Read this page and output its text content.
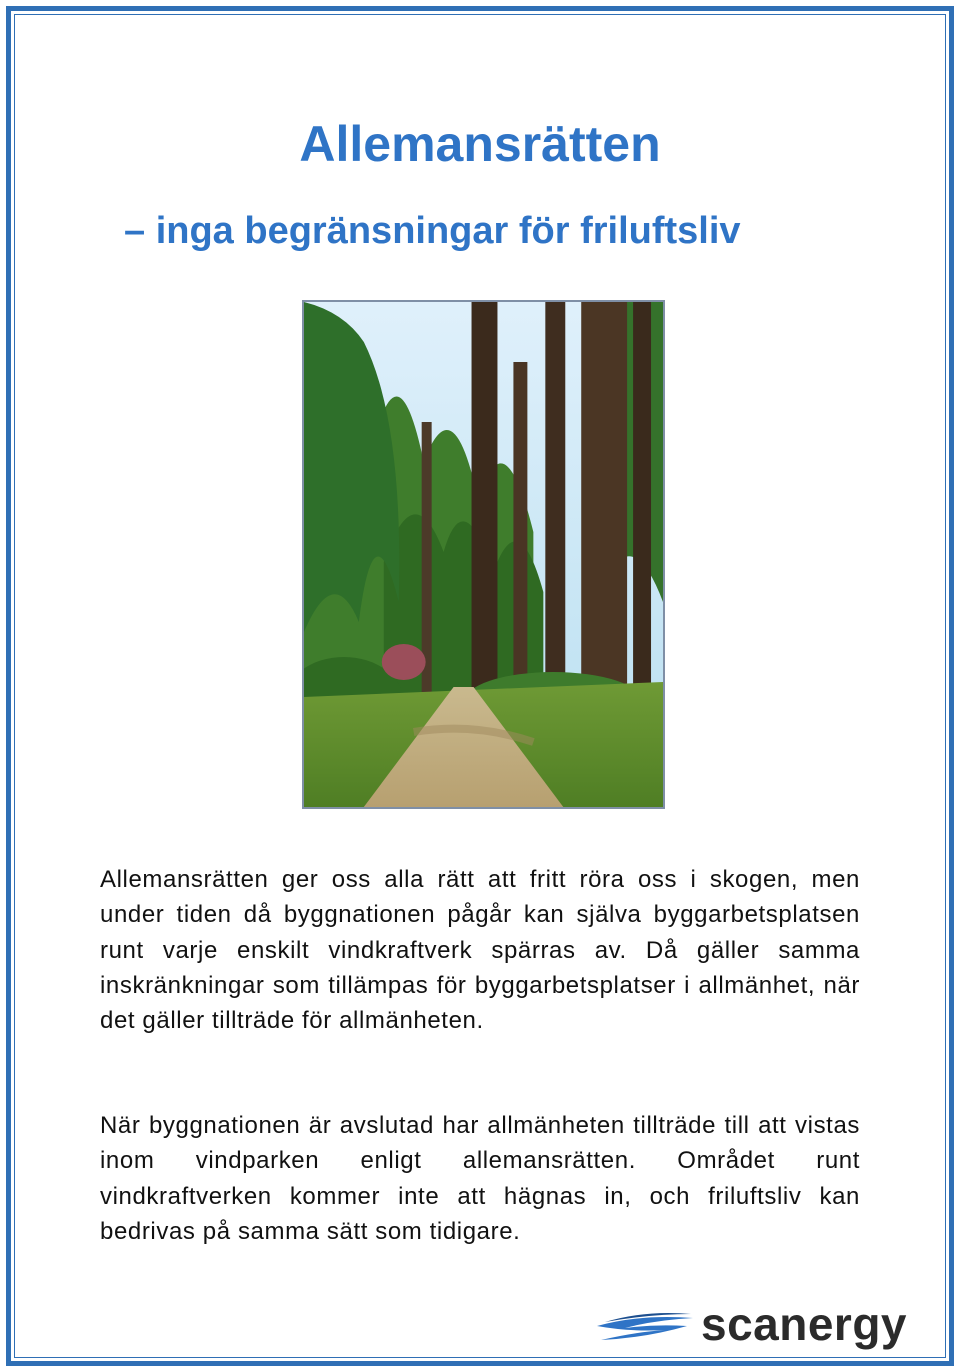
Allemansrätten
– inga begränsningar för friluftsliv

Allemansrätten ger oss alla rätt att fritt röra oss i skogen, men under tiden då byggnationen pågår kan själva byggarbetsplatsen runt varje enskilt vindkraftverk spärras av. Då gäller samma inskränkningar som tillämpas för byggarbetsplatser i allmänhet, när det gäller tillträde för allmänheten.

När byggnationen är avslutad har allmänheten tillträde till att vistas inom vindparken enligt allemansrätten. Området runt vindkraftverken kommer inte att hägnas in, och friluftsliv kan bedrivas på samma sätt som tidigare.

scanergy
